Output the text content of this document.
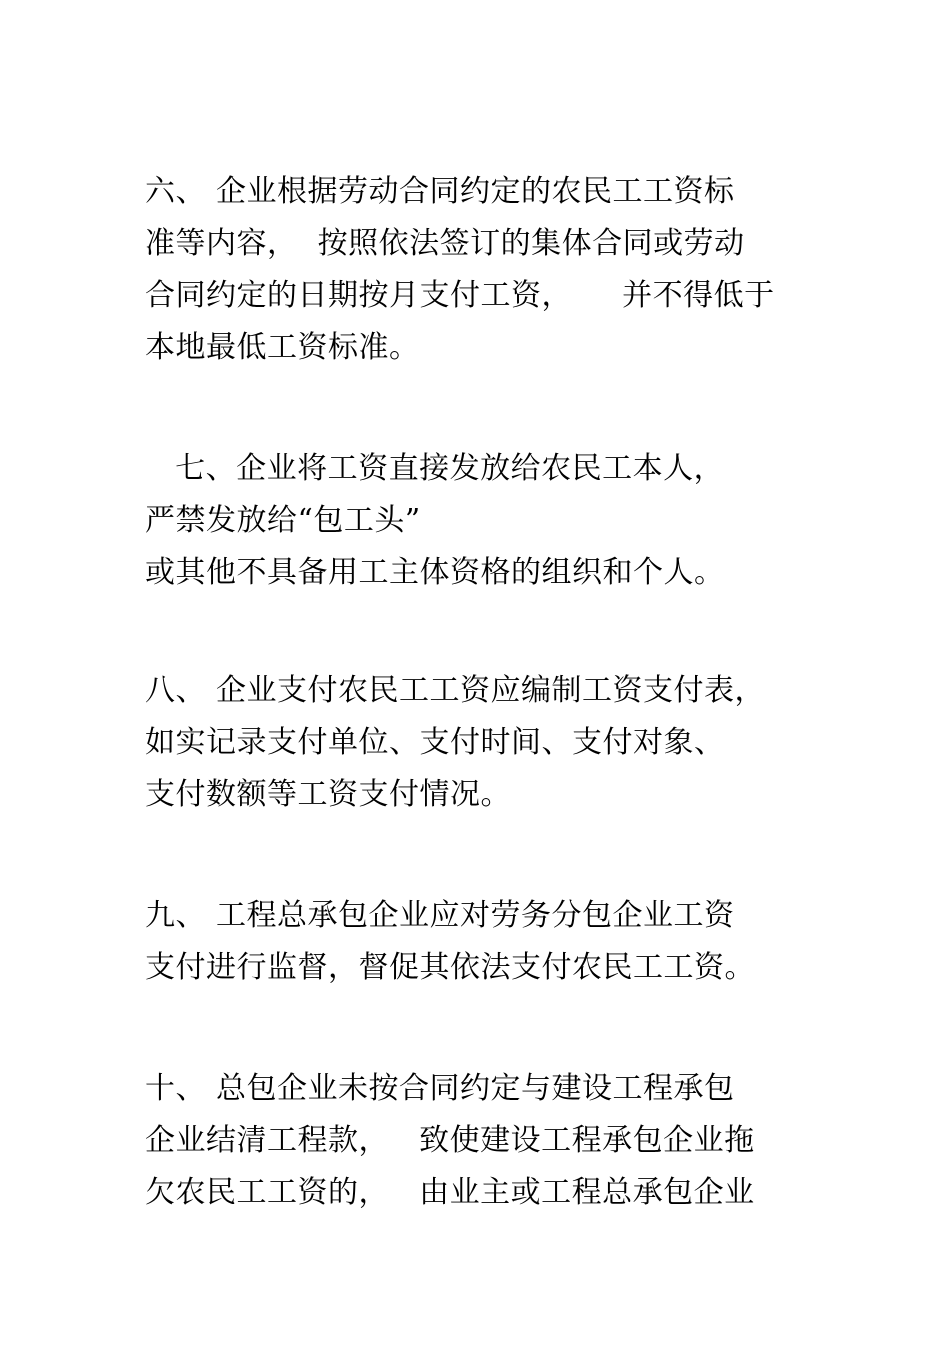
六、 企业根据劳动合同约定的农民工工资标
准等内容，  按照依法签订的集体合同或劳动
合同约定的日期按月支付工资，     并不得低于
本地最低工资标准。
七、企业将工资直接发放给农民工本人，
严禁发放给“包工头”
或其他不具备用工主体资格的组织和个人。
八、 企业支付农民工工资应编制工资支付表，
如实记录支付单位、支付时间、支付对象、
支付数额等工资支付情况。
九、 工程总承包企业应对劳务分包企业工资
支付进行监督，督促其依法支付农民工工资。
十、 总包企业未按合同约定与建设工程承包
企业结清工程款，   致使建设工程承包企业拖
欠农民工工资的，   由业主或工程总承包企业
